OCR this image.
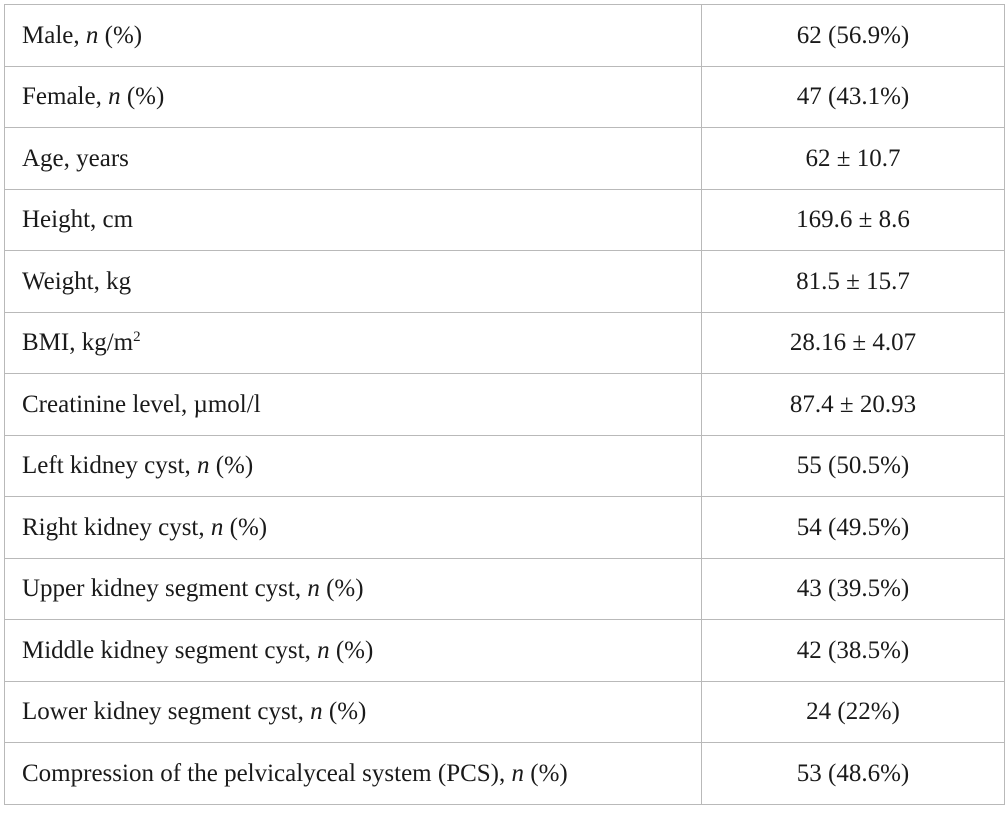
Male, n (%)	62 (56.9%)
Female, n (%)	47 (43.1%)
Age, years	62 ± 10.7
Height, cm	169.6 ± 8.6
Weight, kg	81.5 ± 15.7
BMI, $kg/m^2$	28.16 ± 4.07
Creatinine level, µmol/l	87.4 ± 20.93
Left kidney cyst, n (%)	55 (50.5%)
Right kidney cyst, n (%)	54 (49.5%)
Upper kidney segment cyst, n (%)	43 (39.5%)
Middle kidney segment cyst, n (%)	42 (38.5%)
Lower kidney segment cyst, n (%)	24 (22%)
Compression of the pelvicalyceal system (PCS), n (%)	53 (48.6%)
